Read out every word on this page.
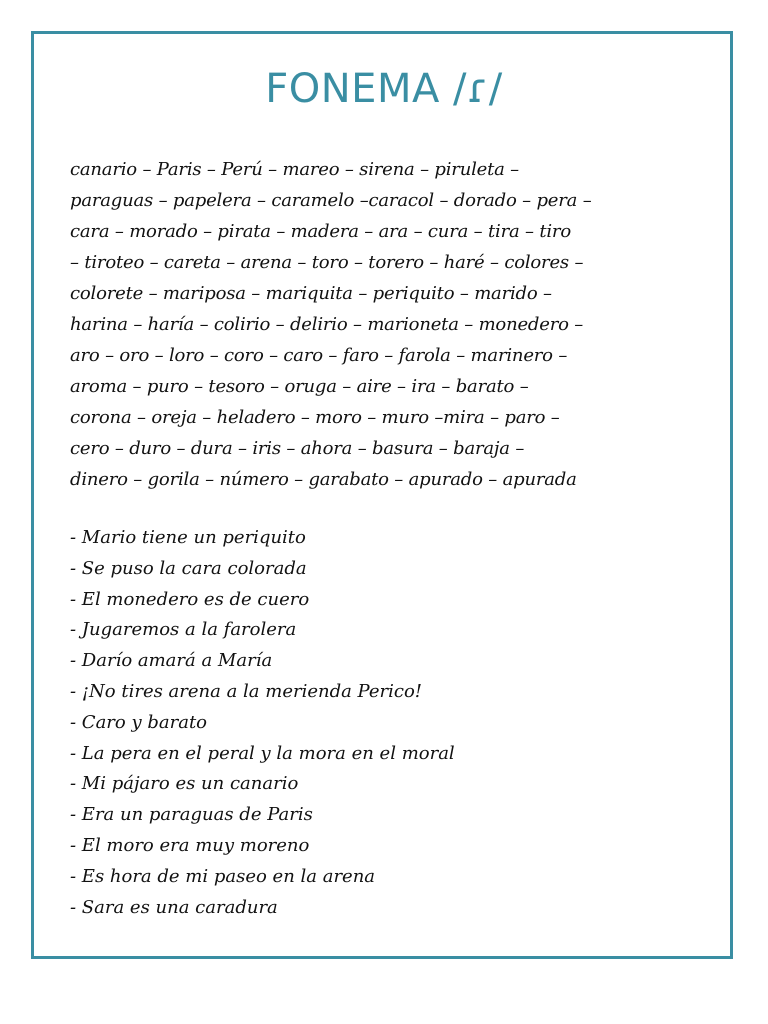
FONEMA /ɾ/
canario – Paris – Perú – mareo – sirena – piruleta –
paraguas – papelera – caramelo –caracol – dorado – pera –
cara – morado – pirata – madera – ara – cura – tira – tiro
– tiroteo – careta – arena – toro – torero – haré – colores –
colorete – mariposa – mariquita – periquito – marido –
harina – haría – colirio – delirio – marioneta – monedero –
aro – oro – loro – coro – caro – faro – farola – marinero –
aroma – puro – tesoro – oruga – aire – ira – barato –
corona – oreja – heladero – moro – muro –mira – paro –
cero – duro – dura – iris – ahora – basura – baraja –
dinero – gorila – número – garabato – apurado – apurada
- Mario tiene un periquito
- Se puso la cara colorada
- El monedero es de cuero
- Jugaremos a la farolera
- Darío amará a María
- ¡No tires arena a la merienda Perico!
- Caro y barato
- La pera en el peral y la mora en el moral
- Mi pájaro es un canario
- Era un paraguas de Paris
- El moro era muy moreno
- Es hora de mi paseo en la arena
- Sara es una caradura
